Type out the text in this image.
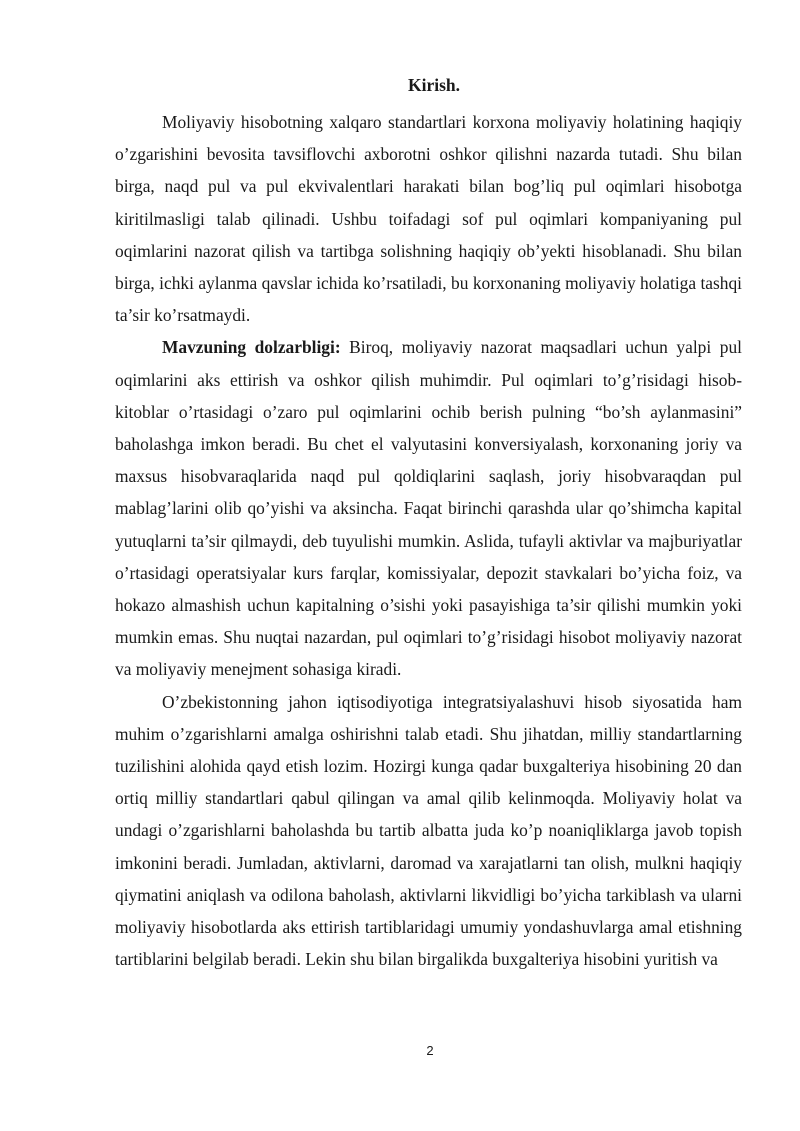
Kirish.

Moliyaviy hisobotning xalqaro standartlari korxona moliyaviy holatining haqiqiy o’zgarishini bevosita tavsiflovchi axborotni oshkor qilishni nazarda tutadi. Shu bilan birga, naqd pul va pul ekvivalentlari harakati bilan bog’liq pul oqimlari hisobotga kiritilmasligi talab qilinadi. Ushbu toifadagi sof pul oqimlari kompaniyaning pul oqimlarini nazorat qilish va tartibga solishning haqiqiy ob’yekti hisoblanadi. Shu bilan birga, ichki aylanma qavslar ichida ko’rsatiladi, bu korxonaning moliyaviy holatiga tashqi ta’sir ko’rsatmaydi.

Mavzuning dolzarbligi: Biroq, moliyaviy nazorat maqsadlari uchun yalpi pul oqimlarini aks ettirish va oshkor qilish muhimdir. Pul oqimlari to’g’risidagi hisob- kitoblar o’rtasidagi o’zaro pul oqimlarini ochib berish pulning “bo’sh aylanmasini” baholashga imkon beradi. Bu chet el valyutasini konversiyalash, korxonaning joriy va maxsus hisobvaraqlarida naqd pul qoldiqlarini saqlash, joriy hisobvaraqdan pul mablag’larini olib qo’yishi va aksincha. Faqat birinchi qarashda ular qo’shimcha kapital yutuqlarni ta’sir qilmaydi, deb tuyulishi mumkin. Aslida, tufayli aktivlar va majburiyatlar o’rtasidagi operatsiyalar kurs farqlar, komissiyalar, depozit stavkalari bo’yicha foiz, va hokazo almashish uchun kapitalning o’sishi yoki pasayishiga ta’sir qilishi mumkin yoki mumkin emas. Shu nuqtai nazardan, pul oqimlari to’g’risidagi hisobot moliyaviy nazorat va moliyaviy menejment sohasiga kiradi.

O’zbekistonning jahon iqtisodiyotiga integratsiyalashuvi hisob siyosatida ham muhim o’zgarishlarni amalga oshirishni talab etadi. Shu jihatdan, milliy standartlarning tuzilishini alohida qayd etish lozim. Hozirgi kunga qadar buxgalteriya hisobining 20 dan ortiq milliy standartlari qabul qilingan va amal qilib kelinmoqda. Moliyaviy holat va undagi o’zgarishlarni baholashda bu tartib albatta juda ko’p noaniqliklarga javob topish imkonini beradi. Jumladan, aktivlarni, daromad va xarajatlarni tan olish, mulkni haqiqiy qiymatini aniqlash va odilona baholash, aktivlarni likvidligi bo’yicha tarkiblash va ularni moliyaviy hisobotlarda aks ettirish tartiblaridagi umumiy yondashuvlarga amal etishning tartiblarini belgilab beradi. Lekin shu bilan birgalikda buxgalteriya hisobini yuritish va

2
